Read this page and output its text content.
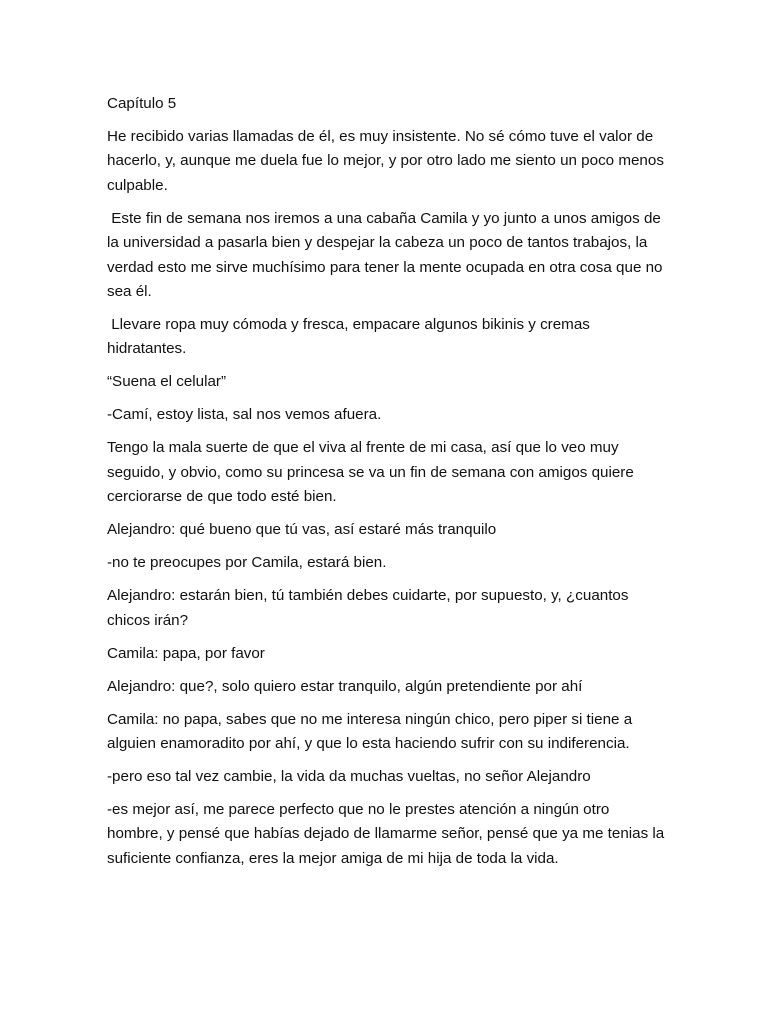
Capítulo 5

He recibido varias llamadas de él, es muy insistente. No sé cómo tuve el valor de hacerlo, y, aunque me duela fue lo mejor, y por otro lado me siento un poco menos culpable.

Este fin de semana nos iremos a una cabaña Camila y yo junto a unos amigos de la universidad a pasarla bien y despejar la cabeza un poco de tantos trabajos, la verdad esto me sirve muchísimo para tener la mente ocupada en otra cosa que no sea él.

Llevare ropa muy cómoda y fresca, empacare algunos bikinis y cremas hidratantes.

“Suena el celular”

-Camí, estoy lista, sal nos vemos afuera.

Tengo la mala suerte de que el viva al frente de mi casa, así que lo veo muy seguido, y obvio, como su princesa se va un fin de semana con amigos quiere cerciorarse de que todo esté bien.

Alejandro: qué bueno que tú vas, así estaré más tranquilo

-no te preocupes por Camila, estará bien.

Alejandro: estarán bien, tú también debes cuidarte, por supuesto, y, ¿cuantos chicos irán?

Camila: papa, por favor

Alejandro: que?, solo quiero estar tranquilo, algún pretendiente por ahí

Camila: no papa, sabes que no me interesa ningún chico, pero piper si tiene a alguien enamoradito por ahí, y que lo esta haciendo sufrir con su indiferencia.

-pero eso tal vez cambie, la vida da muchas vueltas, no señor Alejandro

-es mejor así, me parece perfecto que no le prestes atención a ningún otro hombre, y pensé que habías dejado de llamarme señor, pensé que ya me tenias la suficiente confianza, eres la mejor amiga de mi hija de toda la vida.
